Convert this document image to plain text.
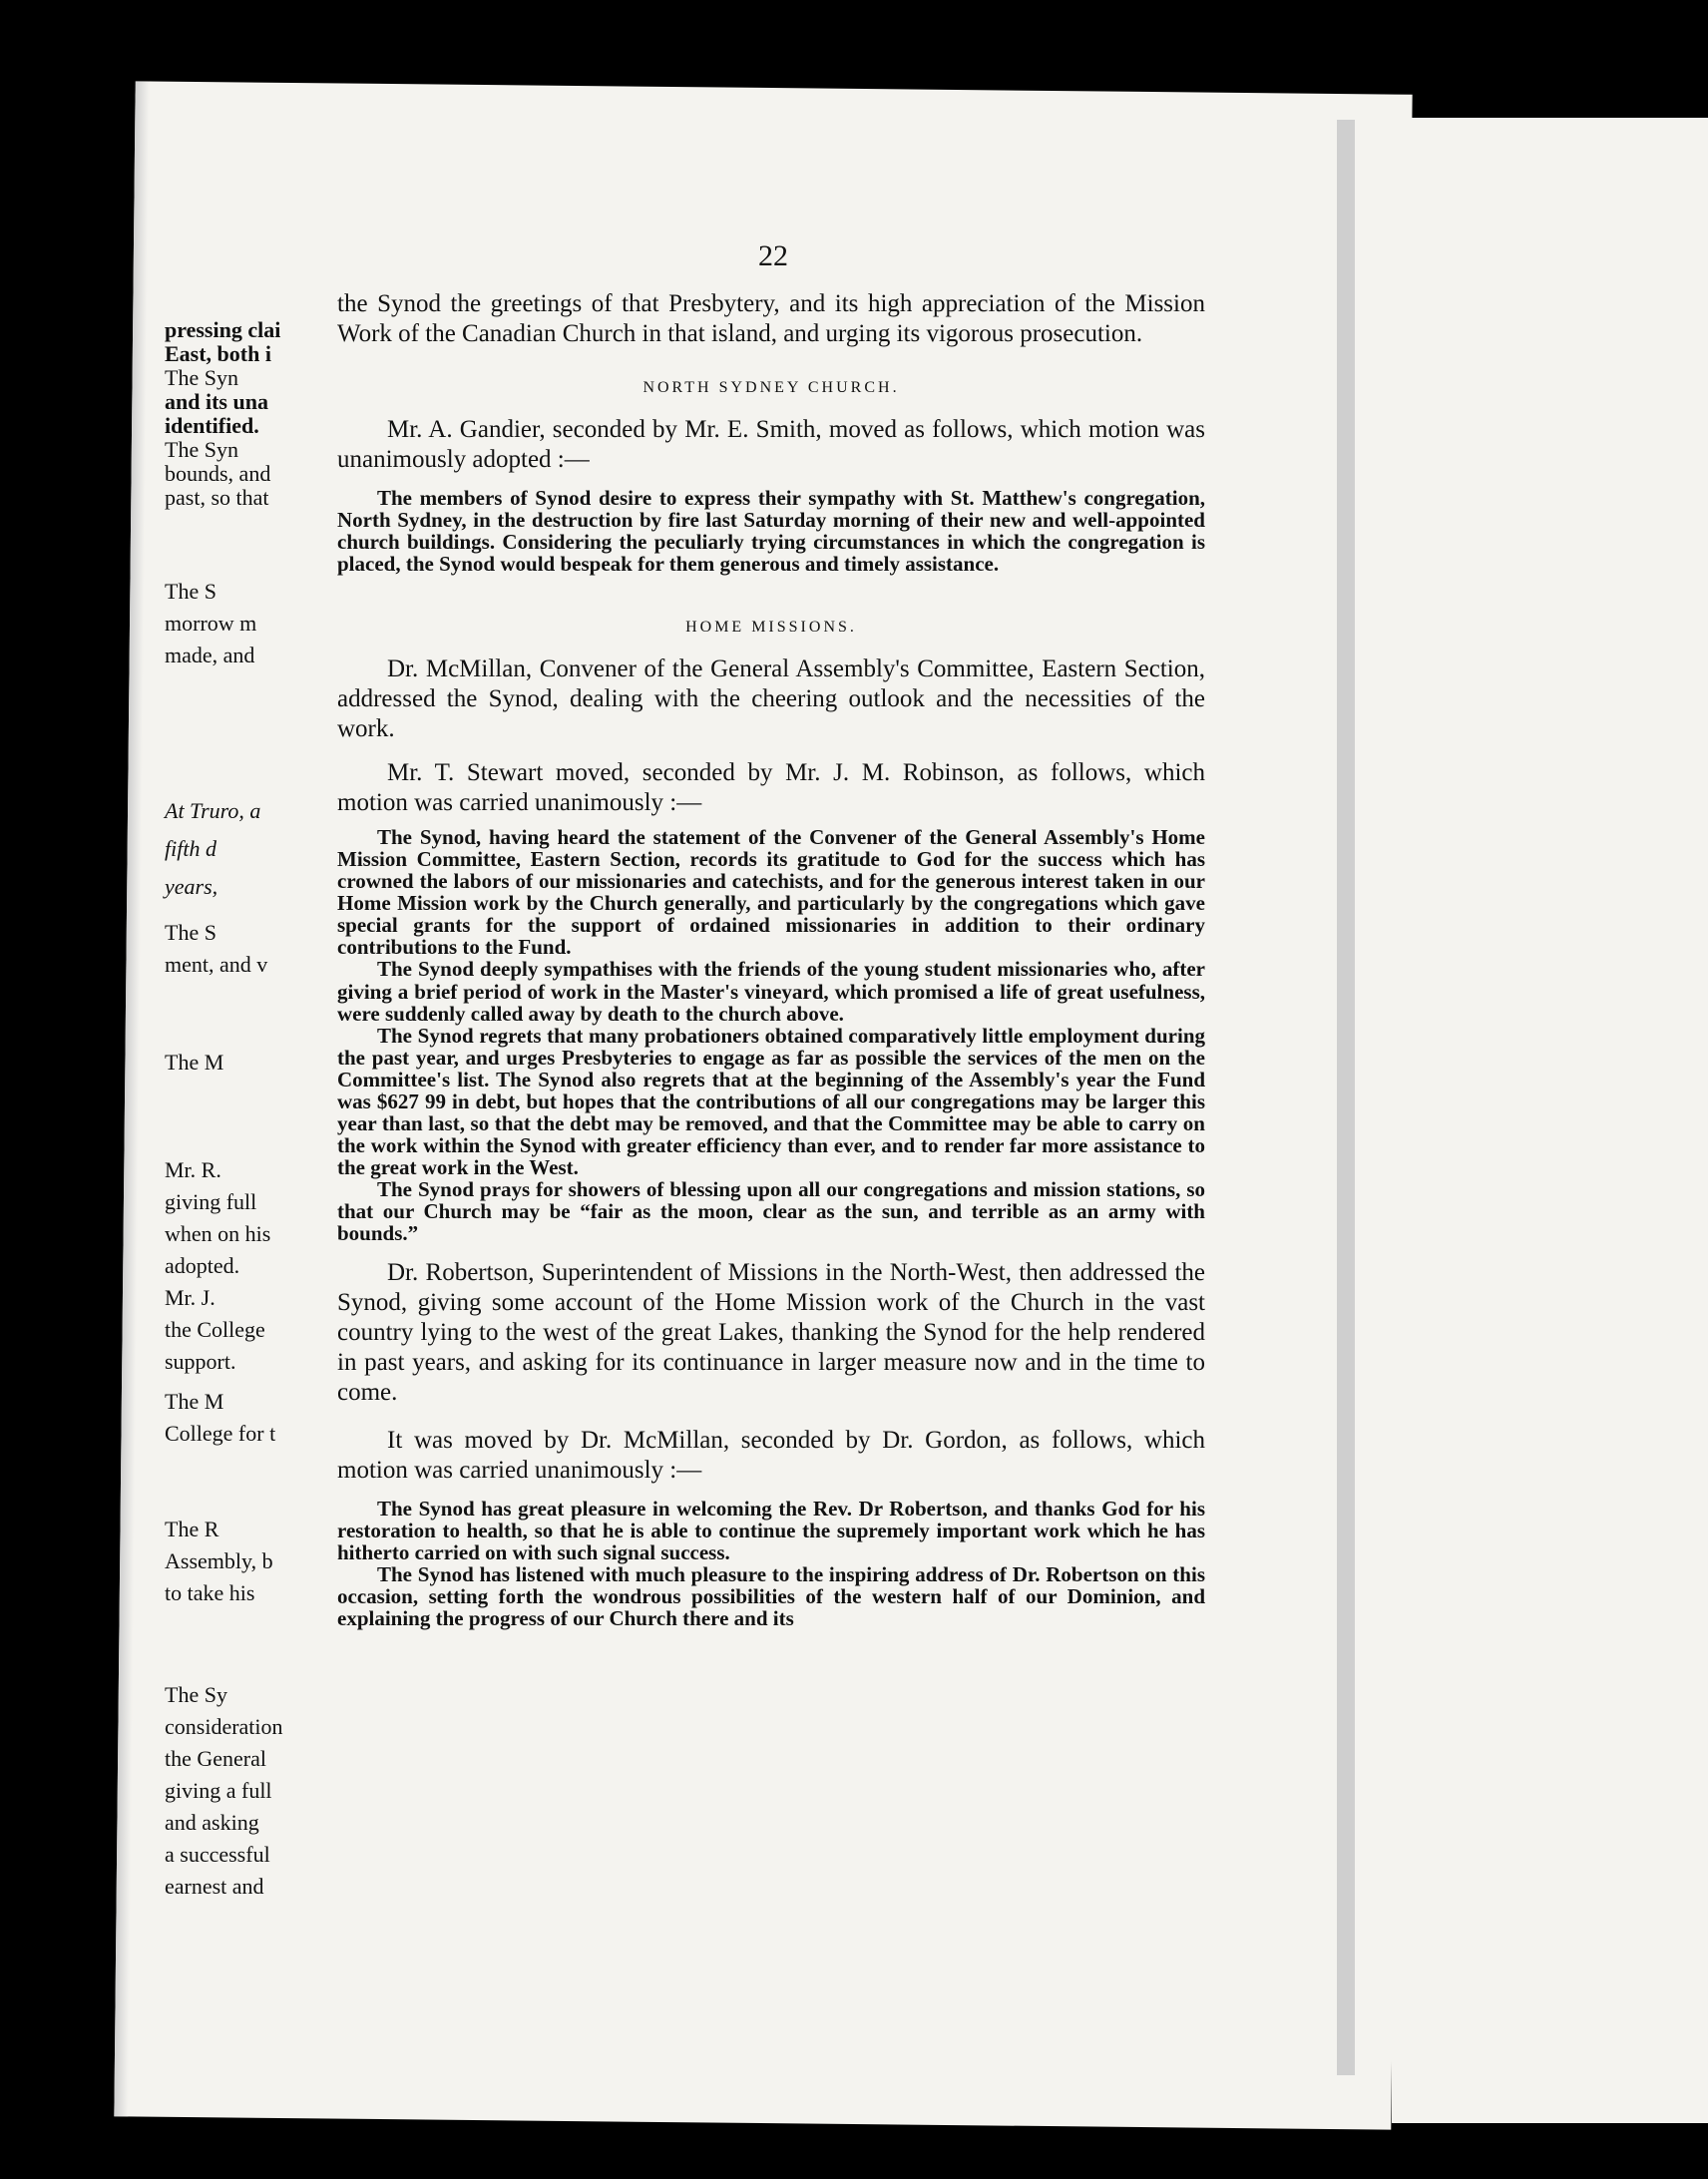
22

the Synod the greetings of that Presbytery, and its high appreciation of the Mission Work of the Canadian Church in that island, and urging its vigorous prosecution.

NORTH SYDNEY CHURCH.

Mr. A. Gandier, seconded by Mr. E. Smith, moved as follows, which motion was unanimously adopted :—

The members of Synod desire to express their sympathy with St. Matthew's congregation, North Sydney, in the destruction by fire last Saturday morning of their new and well-appointed church buildings. Considering the peculiarly trying circumstances in which the congregation is placed, the Synod would bespeak for them generous and timely assistance.

HOME MISSIONS.

Dr. McMillan, Convener of the General Assembly's Committee, Eastern Section, addressed the Synod, dealing with the cheering outlook and the necessities of the work.

Mr. T. Stewart moved, seconded by Mr. J. M. Robinson, as follows, which motion was carried unanimously :—

The Synod, having heard the statement of the Convener of the General Assembly's Home Mission Committee, Eastern Section, records its gratitude to God for the success which has crowned the labors of our missionaries and catechists, and for the generous interest taken in our Home Mission work by the Church generally, and particularly by the congregations which gave special grants for the support of ordained missionaries in addition to their ordinary contributions to the Fund.

The Synod deeply sympathises with the friends of the young student missionaries who, after giving a brief period of work in the Master's vineyard, which promised a life of great usefulness, were suddenly called away by death to the church above.

The Synod regrets that many probationers obtained comparatively little employment during the past year, and urges Presbyteries to engage as far as possible the services of the men on the Committee's list. The Synod also regrets that at the beginning of the Assembly's year the Fund was $627 99 in debt, but hopes that the contributions of all our congregations may be larger this year than last, so that the debt may be removed, and that the Committee may be able to carry on the work within the Synod with greater efficiency than ever, and to render far more assistance to the great work in the West.

The Synod prays for showers of blessing upon all our congregations and mission stations, so that our Church may be “fair as the moon, clear as the sun, and terrible as an army with bounds.”

Dr. Robertson, Superintendent of Missions in the North-West, then addressed the Synod, giving some account of the Home Mission work of the Church in the vast country lying to the west of the great Lakes, thanking the Synod for the help rendered in past years, and asking for its continuance in larger measure now and in the time to come.

It was moved by Dr. McMillan, seconded by Dr. Gordon, as follows, which motion was carried unanimously :—

The Synod has great pleasure in welcoming the Rev. Dr Robertson, and thanks God for his restoration to health, so that he is able to continue the supremely important work which he has hitherto carried on with such signal success.

The Synod has listened with much pleasure to the inspiring address of Dr. Robertson on this occasion, setting forth the wondrous possibilities of the western half of our Dominion, and explaining the progress of our Church there and its

pressing clai
East, both i
The Syn
and its una
identified.
The Syn
bounds, and
past, so that
The S
morrow m
made, and
At Truro, a
fifth d
years,
The S
ment, and v
The M
Mr. R.
giving full
when on his
adopted.
Mr. J.
the College
support.
The M
College for t
The R
Assembly, b
to take his
The Sy
consideration
the General
giving a full
and asking
a successful
earnest and
